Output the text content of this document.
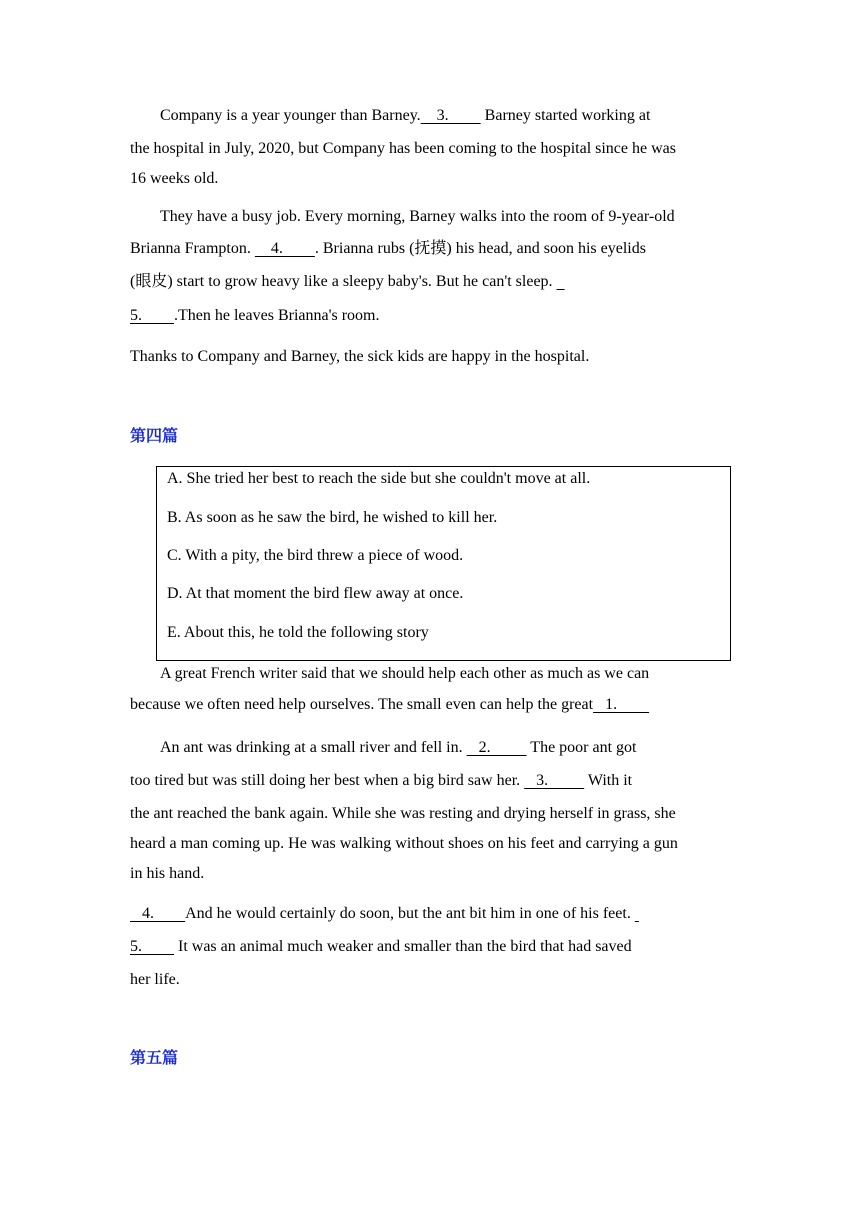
Company is a year younger than Barney.    3.         Barney started working at
the hospital in July, 2020, but Company has been coming to the hospital since he was
16 weeks old.
They have a busy job. Every morning, Barney walks into the room of 9-year-old
Brianna Frampton.     4.        . Brianna rubs (抚摸) his head, and soon his eyelids
(眼皮) start to grow heavy like a sleepy baby's. But he can't sleep.
5.        .Then he leaves Brianna's room.
Thanks to Company and Barney, the sick kids are happy in the hospital.
第四篇
A. She tried her best to reach the side but she couldn't move at all.
B. As soon as he saw the bird, he wished to kill her.
C. With a pity, the bird threw a piece of wood.
D. At that moment the bird flew away at once.
E. About this, he told the following story
A great French writer said that we should help each other as much as we can
because we often need help ourselves. The small even can help the great   1.
An ant was drinking at a small river and fell in.    2.          The poor ant got
too tired but was still doing her best when a big bird saw her.    3.          With it
the ant reached the bank again. While she was resting and drying herself in grass, she
heard a man coming up. He was walking without shoes on his feet and carrying a gun
in his hand.
4.        And he would certainly do soon, but the ant bit him in one of his feet.
5.         It was an animal much weaker and smaller than the bird that had saved
her life.
第五篇
